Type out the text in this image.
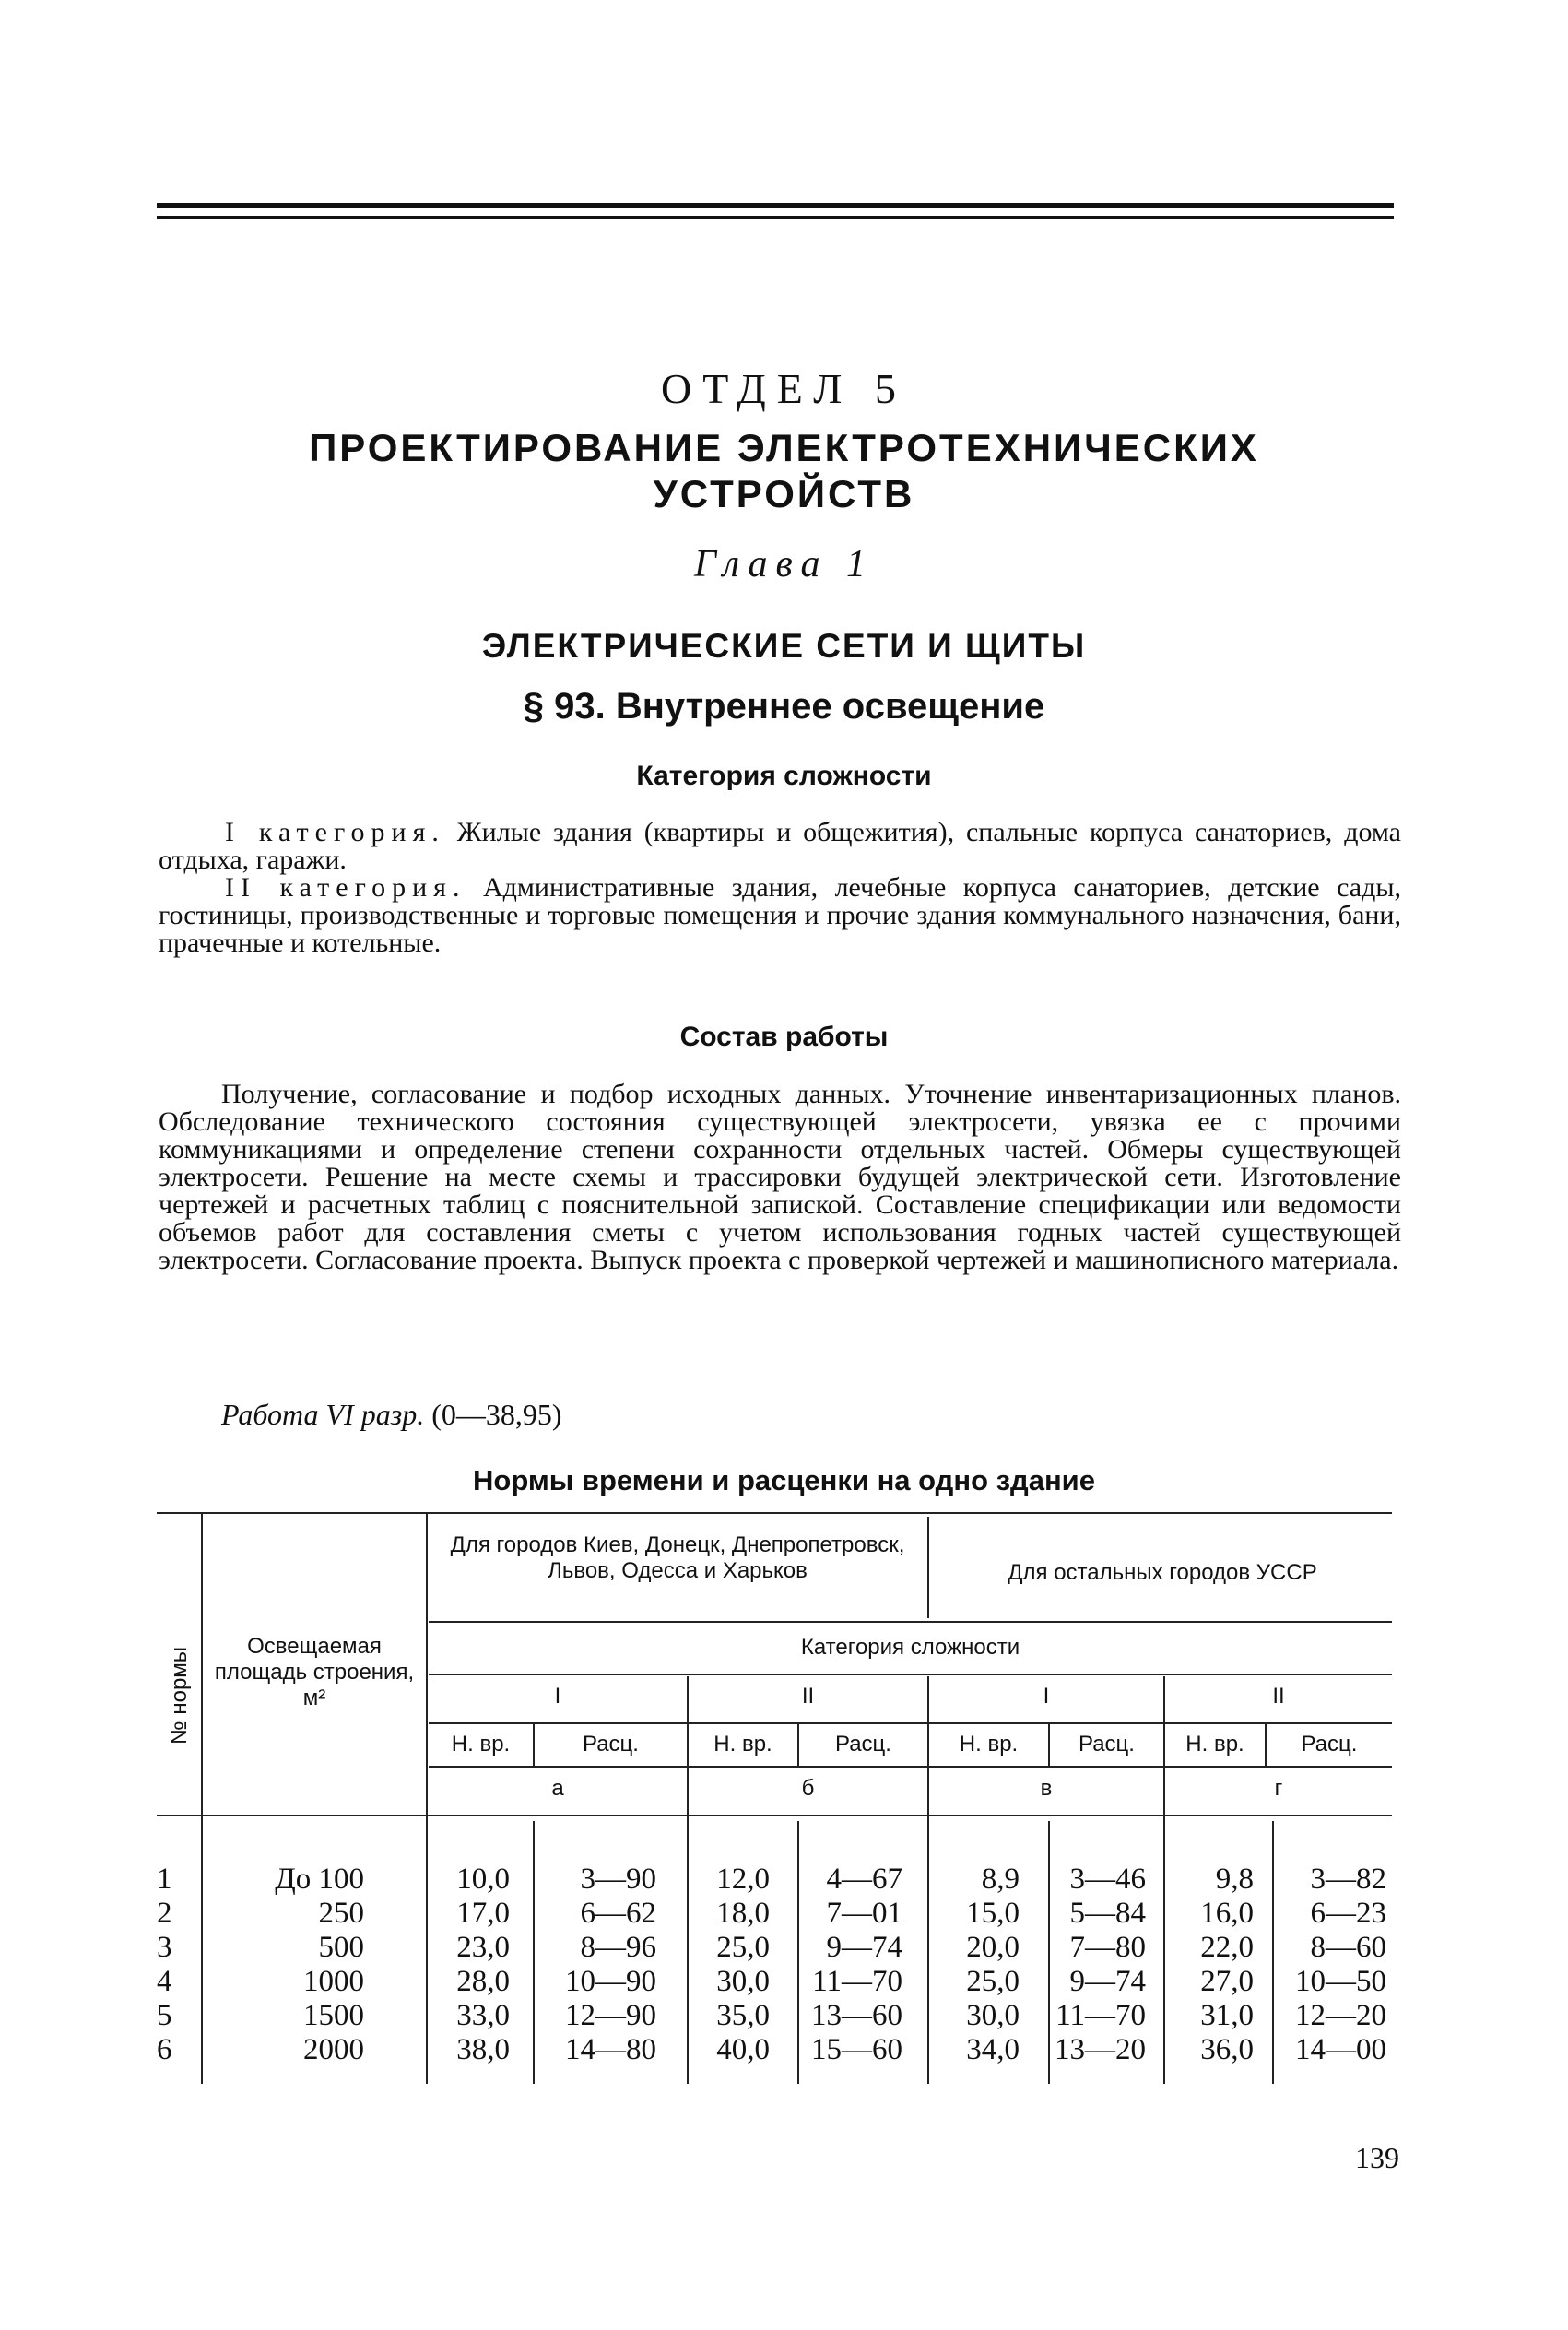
ОТДЕЛ 5
ПРОЕКТИРОВАНИЕ ЭЛЕКТРОТЕХНИЧЕСКИХ
УСТРОЙСТВ
Глава 1
ЭЛЕКТРИЧЕСКИЕ СЕТИ И ЩИТЫ
§ 93. Внутреннее освещение
Категория сложности
I категория. Жилые здания (квартиры и общежития), спальные корпуса санаториев, дома отдыха, гаражи.
II категория. Административные здания, лечебные корпуса санаториев, детские сады, гостиницы, производственные и торговые помещения и прочие здания коммунального назначения, бани, прачечные и котельные.
Состав работы
Получение, согласование и подбор исходных данных. Уточнение инвентаризационных планов. Обследование технического состояния существующей электросети, увязка ее с прочими коммуникациями и определение степени сохранности отдельных частей. Обмеры существующей электросети. Решение на месте схемы и трассировки будущей электрической сети. Изготовление чертежей и расчетных таблиц с пояснительной запиской. Составление спецификации или ведомости объемов работ для составления сметы с учетом использования годных частей существующей электросети. Согласование проекта. Выпуск проекта с проверкой чертежей и машинописного материала.
Работа VI разр. (0—38,95)
Нормы времени и расценки на одно здание
№ нормы
Освещаемая площадь строения, м²
Для городов Киев, Донецк, Днепропетровск, Львов, Одесса и Харьков	Для остальных городов УССР
Категория сложности
I	II	I	II
Н. вр.	Расц.	Н. вр.	Расц.	Н. вр.	Расц.	Н. вр.	Расц.
а	б	в	г
1	До 100	10,0	3—90	12,0	4—67	8,9	3—46	9,8	3—82
2	250	17,0	6—62	18,0	7—01	15,0	5—84	16,0	6—23
3	500	23,0	8—96	25,0	9—74	20,0	7—80	22,0	8—60
4	1000	28,0	10—90	30,0	11—70	25,0	9—74	27,0	10—50
5	1500	33,0	12—90	35,0	13—60	30,0 11—70	31,0	12—20
6	2000	38,0	14—80	40,0	15—60	34,0 13—20	36,0	14—00
139
